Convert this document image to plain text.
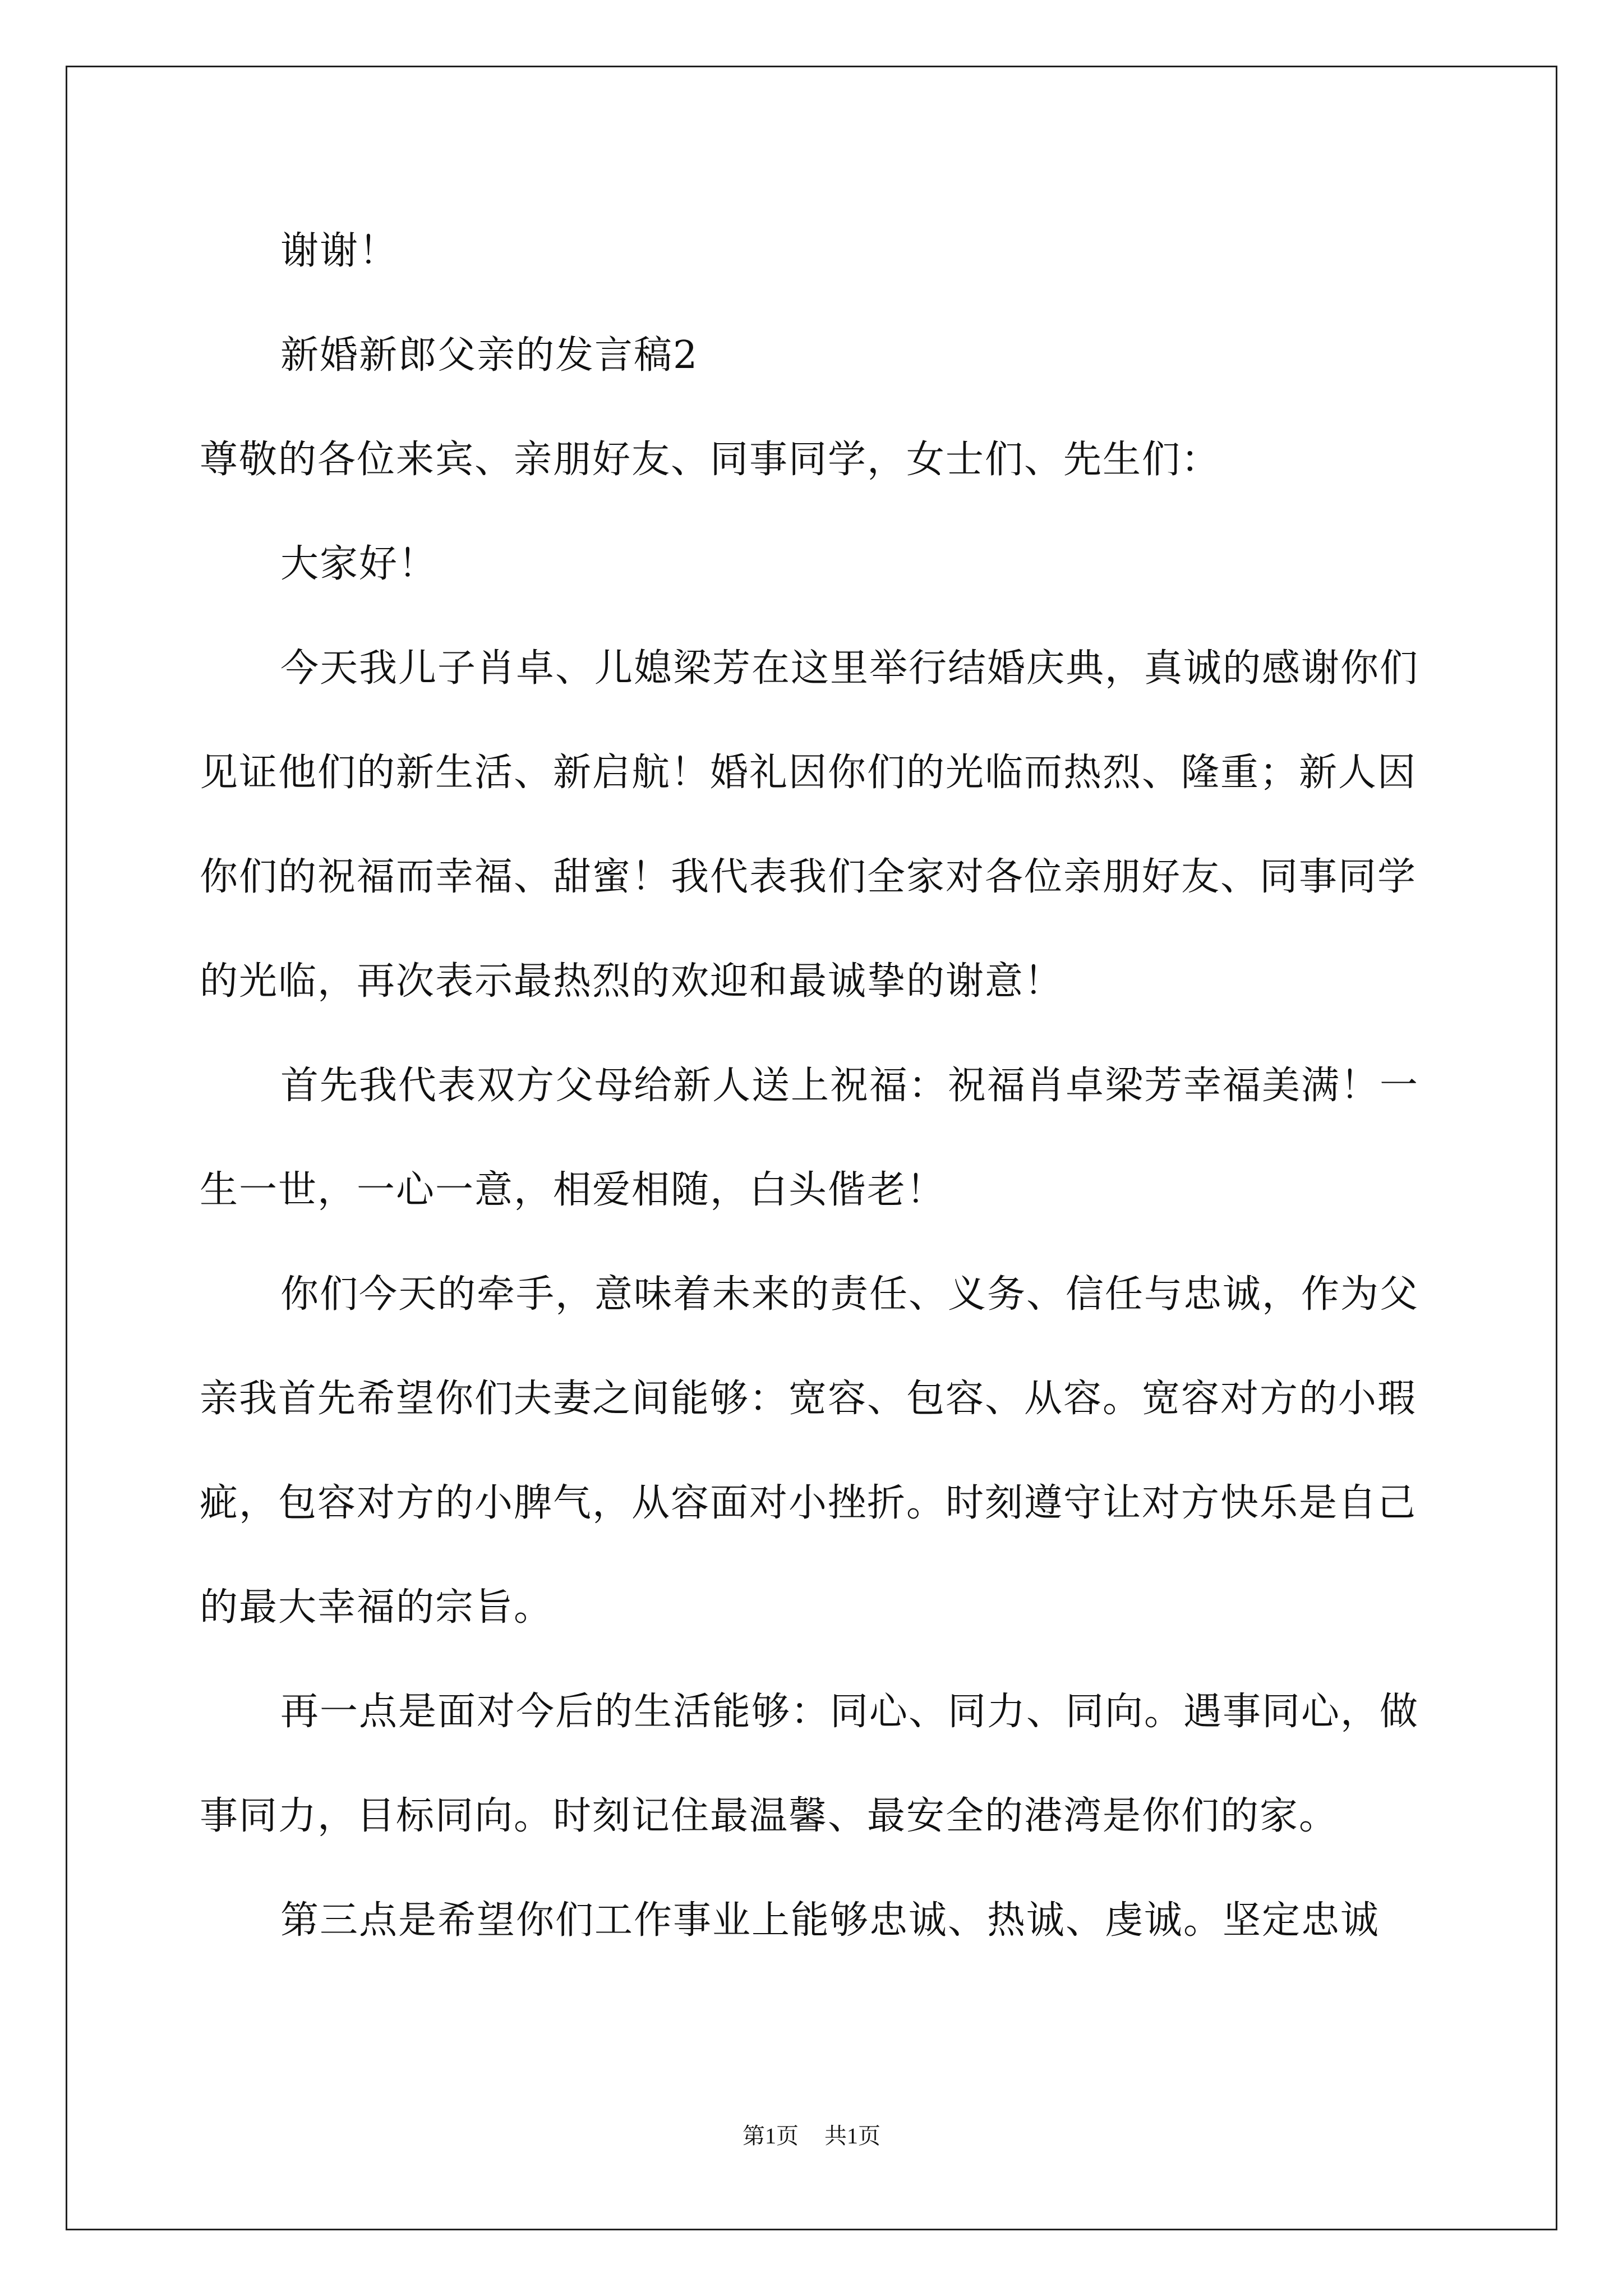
谢谢！

新婚新郎父亲的发言稿2

尊敬的各位来宾、亲朋好友、同事同学，女士们、先生们：

大家好！

今天我儿子肖卓、儿媳梁芳在这里举行结婚庆典，真诚的感谢你们见证他们的新生活、新启航！婚礼因你们的光临而热烈、隆重；新人因你们的祝福而幸福、甜蜜！我代表我们全家对各位亲朋好友、同事同学的光临，再次表示最热烈的欢迎和最诚挚的谢意！

首先我代表双方父母给新人送上祝福：祝福肖卓梁芳幸福美满！一生一世，一心一意，相爱相随，白头偕老！

你们今天的牵手，意味着未来的责任、义务、信任与忠诚，作为父亲我首先希望你们夫妻之间能够：宽容、包容、从容。宽容对方的小瑕疵，包容对方的小脾气，从容面对小挫折。时刻遵守让对方快乐是自己的最大幸福的宗旨。

再一点是面对今后的生活能够：同心、同力、同向。遇事同心，做事同力，目标同向。时刻记住最温馨、最安全的港湾是你们的家。

第三点是希望你们工作事业上能够忠诚、热诚、虔诚。坚定忠诚

第1页 共1页
